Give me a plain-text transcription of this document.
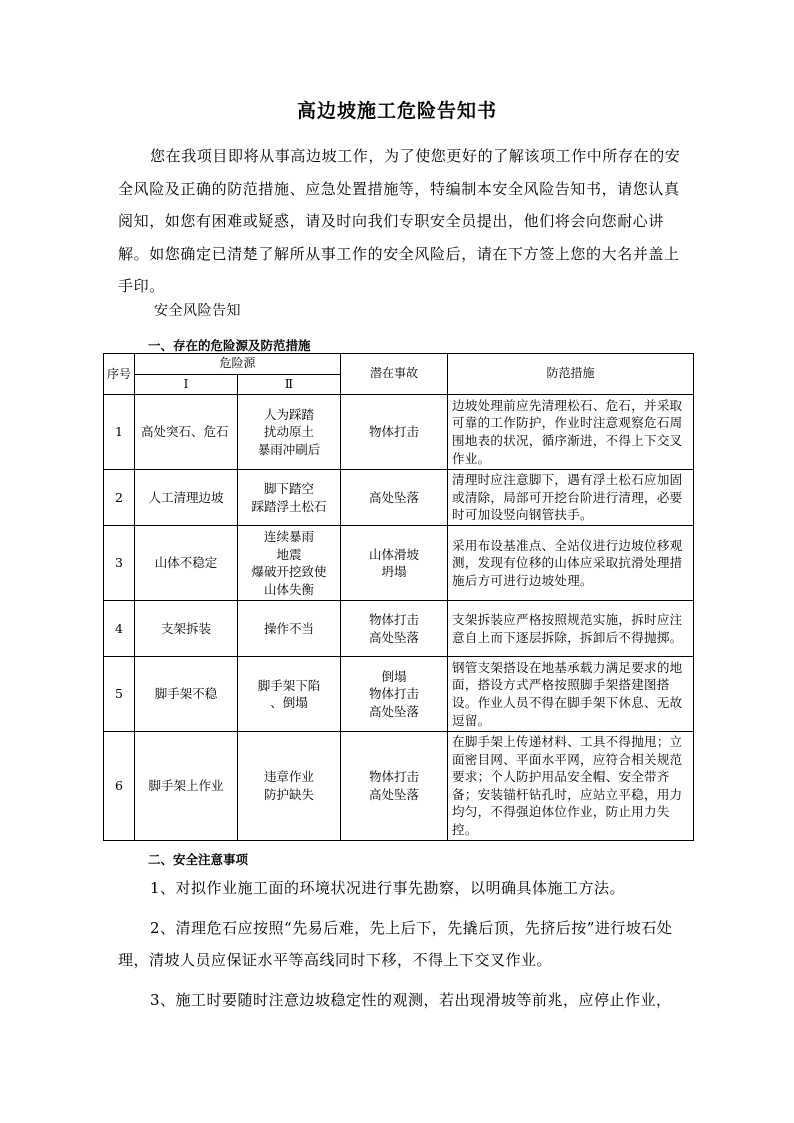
高边坡施工危险告知书

您在我项目即将从事高边坡工作，为了使您更好的了解该项工作中所存在的安全风险及正确的防范措施、应急处置措施等，特编制本安全风险告知书，请您认真阅知，如您有困难或疑惑，请及时向我们专职安全员提出，他们将会向您耐心讲解。如您确定已清楚了解所从事工作的安全风险后，请在下方签上您的大名并盖上手印。

安全风险告知
一、存在的危险源及防范措施
序号	危险源		潜在事故	防范措施
	Ⅰ	Ⅱ		
1	高处突石、危石	人为踩踏
扰动原土
暴雨冲刷后	物体打击	边坡处理前应先清理松石、危石，并采取可靠的工作防护，作业时注意观察危石周围地表的状况，循序渐进，不得上下交叉作业。
2	人工清理边坡	脚下踏空
踩踏浮土松石	高处坠落	清理时应注意脚下，遇有浮土松石应加固或清除，局部可开挖台阶进行清理，必要时可加设竖向钢管扶手。
3	山体不稳定	连续暴雨
地震
爆破开挖致使
山体失衡	山体滑坡
坍塌	采用布设基准点、全站仪进行边坡位移观测，发现有位移的山体应采取抗滑处理措施后方可进行边坡处理。
4	支架拆装	操作不当	物体打击
高处坠落	支架拆装应严格按照规范实施，拆时应注意自上而下逐层拆除，拆卸后不得抛掷。
5	脚手架不稳	脚手架下陷
、倒塌	倒塌
物体打击
高处坠落	钢管支架搭设在地基承载力满足要求的地面，搭设方式严格按照脚手架搭建图搭设。作业人员不得在脚手架下休息、无故逗留。
6	脚手架上作业	违章作业
防护缺失	物体打击
高处坠落	在脚手架上传递材料、工具不得抛甩；立面密目网、平面水平网，应符合相关规范要求；个人防护用品安全帽、安全带齐备；安装锚杆钻孔时，应站立平稳，用力均匀，不得强迫体位作业，防止用力失控。
二、安全注意事项

1、对拟作业施工面的环境状况进行事先勘察，以明确具体施工方法。

2、清理危石应按照“先易后难，先上后下，先撬后顶，先挤后按”进行坡石处理，清坡人员应保证水平等高线同时下移，不得上下交叉作业。

3、施工时要随时注意边坡稳定性的观测，若出现滑坡等前兆，应停止作业，
